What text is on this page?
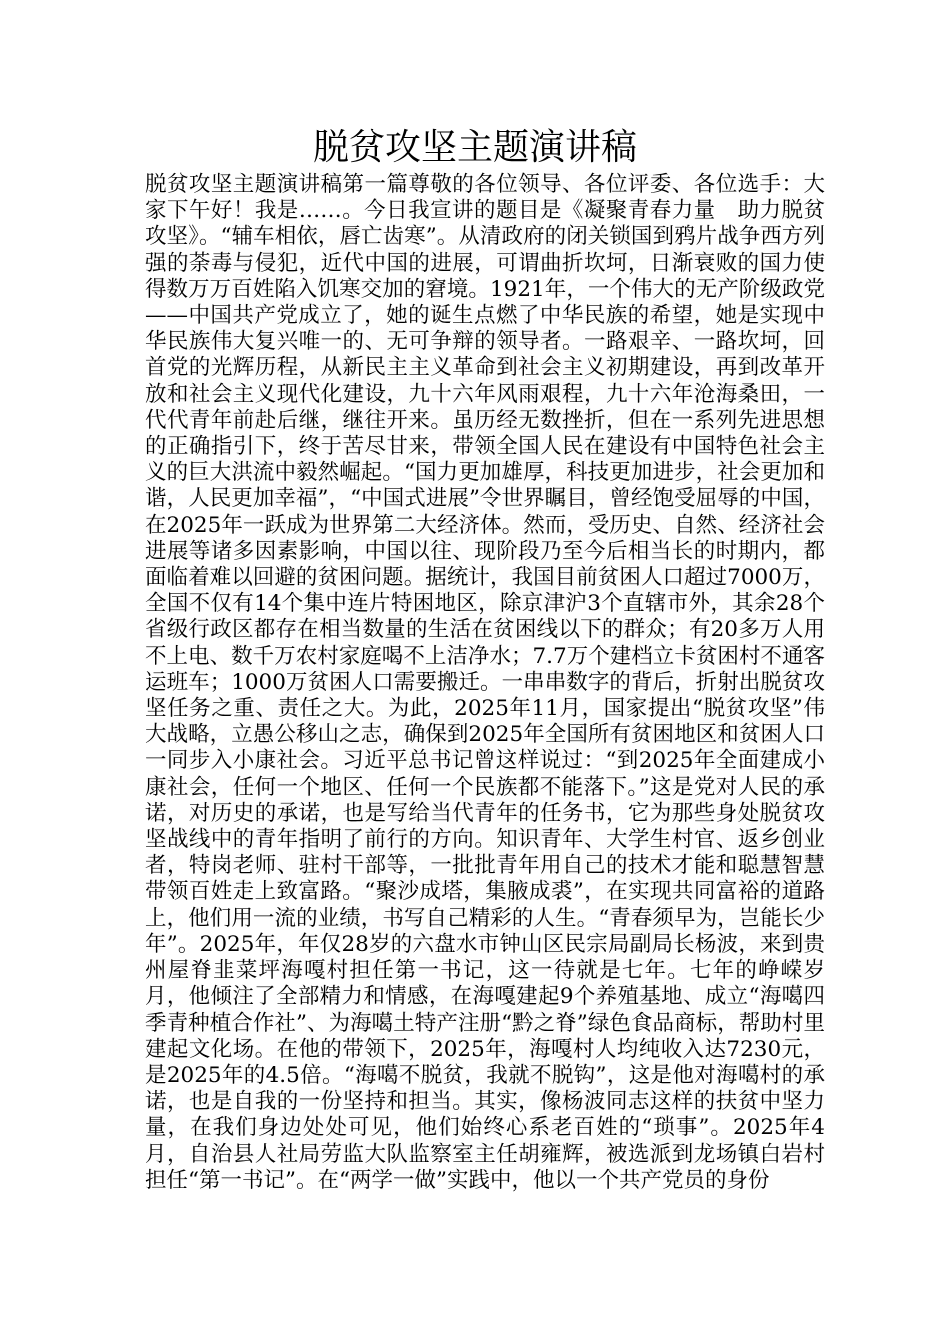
脱贫攻坚主题演讲稿

脱贫攻坚主题演讲稿第一篇尊敬的各位领导、各位评委、各位选手：大家下午好！我是……。今日我宣讲的题目是《凝聚青春力量　助力脱贫攻坚》。“辅车相依，唇亡齿寒”。从清政府的闭关锁国到鸦片战争西方列强的荼毒与侵犯，近代中国的进展，可谓曲折坎坷，日渐衰败的国力使得数万万百姓陷入饥寒交加的窘境。1921年，一个伟大的无产阶级政党——中国共产党成立了，她的诞生点燃了中华民族的希望，她是实现中华民族伟大复兴唯一的、无可争辩的领导者。一路艰辛、一路坎坷，回首党的光辉历程，从新民主主义革命到社会主义初期建设，再到改革开放和社会主义现代化建设，九十六年风雨艰程，九十六年沧海桑田，一代代青年前赴后继，继往开来。虽历经无数挫折，但在一系列先进思想的正确指引下，终于苦尽甘来，带领全国人民在建设有中国特色社会主义的巨大洪流中毅然崛起。“国力更加雄厚，科技更加进步，社会更加和谐，人民更加幸福”，“中国式进展”令世界瞩目，曾经饱受屈辱的中国，在2025年一跃成为世界第二大经济体。然而，受历史、自然、经济社会进展等诸多因素影响，中国以往、现阶段乃至今后相当长的时期内，都面临着难以回避的贫困问题。据统计，我国目前贫困人口超过7000万，全国不仅有14个集中连片特困地区，除京津沪3个直辖市外，其余28个省级行政区都存在相当数量的生活在贫困线以下的群众；有20多万人用不上电、数千万农村家庭喝不上洁净水；7.7万个建档立卡贫困村不通客运班车；1000万贫困人口需要搬迁。一串串数字的背后，折射出脱贫攻坚任务之重、责任之大。为此，2025年11月，国家提出“脱贫攻坚”伟大战略，立愚公移山之志，确保到2025年全国所有贫困地区和贫困人口一同步入小康社会。习近平总书记曾这样说过：“到2025年全面建成小康社会，任何一个地区、任何一个民族都不能落下。”这是党对人民的承诺，对历史的承诺，也是写给当代青年的任务书，它为那些身处脱贫攻坚战线中的青年指明了前行的方向。知识青年、大学生村官、返乡创业者，特岗老师、驻村干部等，一批批青年用自己的技术才能和聪慧智慧带领百姓走上致富路。“聚沙成塔，集腋成裘”，在实现共同富裕的道路上，他们用一流的业绩，书写自己精彩的人生。“青春须早为，岂能长少年”。2025年，年仅28岁的六盘水市钟山区民宗局副局长杨波，来到贵州屋脊韭菜坪海嘎村担任第一书记，这一待就是七年。七年的峥嵘岁月，他倾注了全部精力和情感，在海嘎建起9个养殖基地、成立“海噶四季青种植合作社”、为海噶土特产注册“黔之脊”绿色食品商标，帮助村里建起文化场。在他的带领下，2025年，海嘎村人均纯收入达7230元，是2025年的4.5倍。“海噶不脱贫，我就不脱钩”，这是他对海噶村的承诺，也是自我的一份坚持和担当。其实，像杨波同志这样的扶贫中坚力量，在我们身边处处可见，他们始终心系老百姓的“琐事”。2025年4月，自治县人社局劳监大队监察室主任胡雍辉，被选派到龙场镇白岩村担任“第一书记”。在“两学一做”实践中，他以一个共产党员的身份
